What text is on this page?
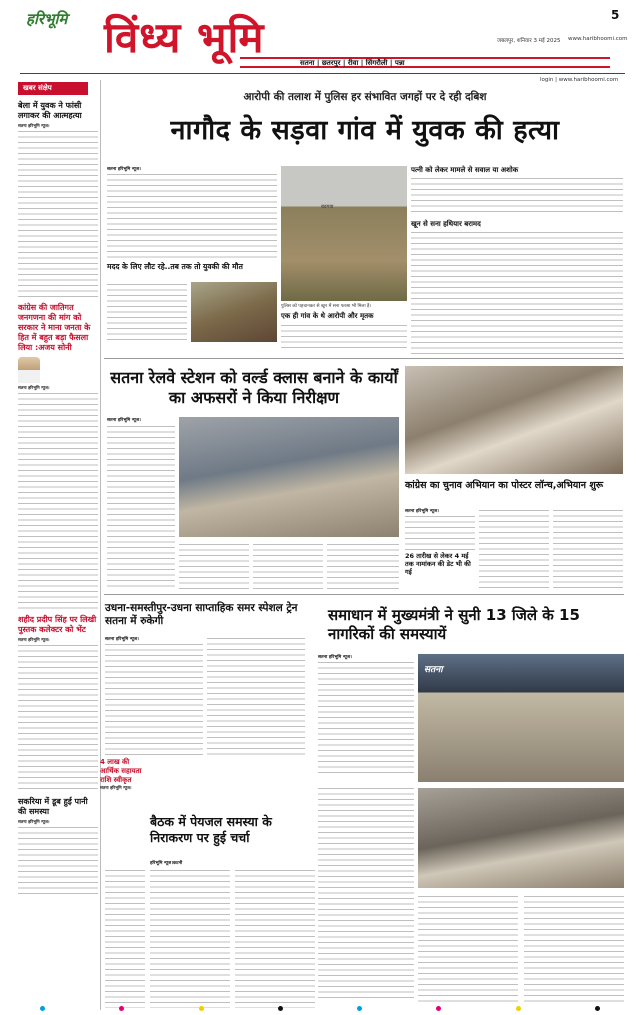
हरिभूमि विंध्य भूमि	5
सतना | छतरपुर | रीवा | सिंगरौली | पन्ना
जबलपुर, शनिवार 3 मई 2025 www.haribhoomi.com
login | www.haribhoomi.com
खबर संक्षेप
बेला में युवक ने फांसी लगाकर की आत्महत्या
सतना हरिभूमि न्यूज।
कांग्रेस की जातिगत जनगणना की मांग को सरकार ने माना जनता के हित में बहुत बड़ा फैसला लिया :अजय सोनी
सतना हरिभूमि न्यूज।
शहीद प्रदीप सिंह पर लिखी पुस्तक कलेक्टर को भेंट
सतना हरिभूमि न्यूज।
सकरिया में डूब हुई पानी की समस्या
सतना हरिभूमि न्यूज।
आरोपी की तलाश में पुलिस हर संभावित जगहों पर दे रही दबिश
नागौद के सड़वा गांव में युवक की हत्या
सतना हरिभूमि न्यूज।
मदद के लिए लौट रहे..तब तक तो युवकी की मौत
बदगवा
पुलिस को पहचानकर से खून में सना फरसा भी मिला है।
एक ही गांव के थे आरोपी और मृतक
पत्नी को लेकर मामले से सवाल या अशोक
खून से सना हथियार बरामद
सतना रेलवे स्टेशन को वर्ल्ड क्लास बनाने के कार्यों का अफसरों ने किया निरीक्षण
सतना हरिभूमि न्यूज।
कांग्रेस का चुनाव अभियान का पोस्टर लॉन्च,अभियान शुरू
सतना हरिभूमि न्यूज।
26 तारीख से लेकर 4 मई तक नामांकन की डेट भी की गई
उधना-समस्तीपुर-उधना साप्ताहिक समर स्पेशल ट्रेन सतना में रुकेगी
सतना हरिभूमि न्यूज।
समाधान में मुख्यमंत्री ने सुनी 13 जिले के 15 नागरिकों की समस्यायें
सतना हरिभूमि न्यूज।
सतना
4 लाख की आर्थिक सहायता राशि स्वीकृत
सतना हरिभूमि न्यूज।
बैठक में पेयजल समस्या के निराकरण पर हुई चर्चा
हरिभूमि न्यूज।कटनी
